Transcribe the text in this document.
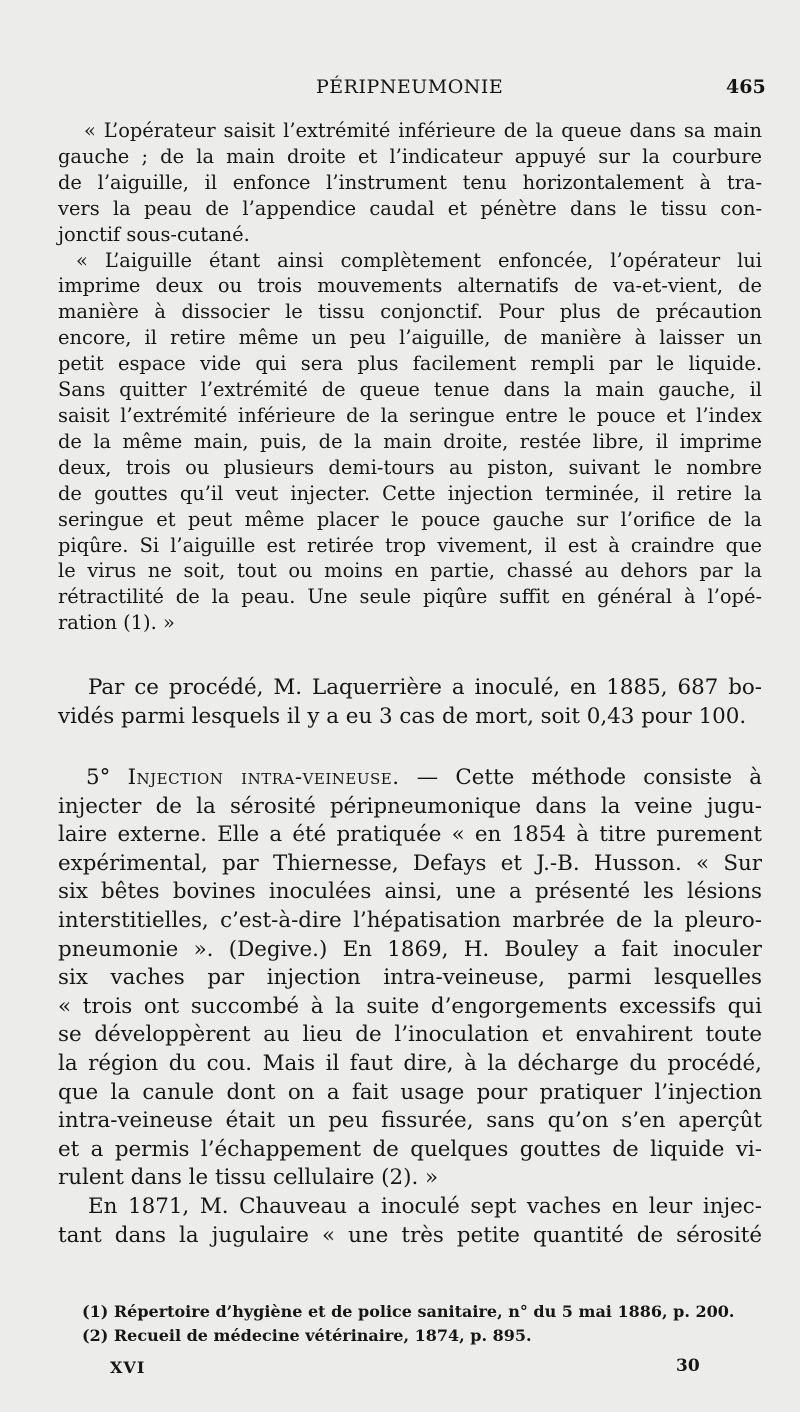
PÉRIPNEUMONIE	465
« L’opérateur saisit l’extrémité inférieure de la queue dans sa main
gauche ; de la main droite et l’indicateur appuyé sur la courbure
de l’aiguille, il enfonce l’instrument tenu horizontalement à tra-
vers la peau de l’appendice caudal et pénètre dans le tissu con-
jonctif sous-cutané.
« L’aiguille étant ainsi complètement enfoncée, l’opérateur lui
imprime deux ou trois mouvements alternatifs de va-et-vient, de
manière à dissocier le tissu conjonctif. Pour plus de précaution
encore, il retire même un peu l’aiguille, de manière à laisser un
petit espace vide qui sera plus facilement rempli par le liquide.
Sans quitter l’extrémité de queue tenue dans la main gauche, il
saisit l’extrémité inférieure de la seringue entre le pouce et l’index
de la même main, puis, de la main droite, restée libre, il imprime
deux, trois ou plusieurs demi-tours au piston, suivant le nombre
de gouttes qu’il veut injecter. Cette injection terminée, il retire la
seringue et peut même placer le pouce gauche sur l’orifice de la
piqûre. Si l’aiguille est retirée trop vivement, il est à craindre que
le virus ne soit, tout ou moins en partie, chassé au dehors par la
rétractilité de la peau. Une seule piqûre suffit en général à l’opé-
ration (1). »
Par ce procédé, M. Laquerrière a inoculé, en 1885, 687 bo-
vidés parmi lesquels il y a eu 3 cas de mort, soit 0,43 pour 100.
5° Injection intra-veineuse. — Cette méthode consiste à
injecter de la sérosité péripneumonique dans la veine jugu-
laire externe. Elle a été pratiquée « en 1854 à titre purement
expérimental, par Thiernesse, Defays et J.-B. Husson. « Sur
six bêtes bovines inoculées ainsi, une a présenté les lésions
interstitielles, c’est-à-dire l’hépatisation marbrée de la pleuro-
pneumonie ». (Degive.) En 1869, H. Bouley a fait inoculer
six vaches par injection intra-veineuse, parmi lesquelles
« trois ont succombé à la suite d’engorgements excessifs qui
se développèrent au lieu de l’inoculation et envahirent toute
la région du cou. Mais il faut dire, à la décharge du procédé,
que la canule dont on a fait usage pour pratiquer l’injection
intra-veineuse était un peu fissurée, sans qu’on s’en aperçût
et a permis l’échappement de quelques gouttes de liquide vi-
rulent dans le tissu cellulaire (2). »
En 1871, M. Chauveau a inoculé sept vaches en leur injec-
tant dans la jugulaire « une très petite quantité de sérosité
(1) Répertoire d’hygiène et de police sanitaire, n° du 5 mai 1886, p. 200.
(2) Recueil de médecine vétérinaire, 1874, p. 895.
XVI	30
